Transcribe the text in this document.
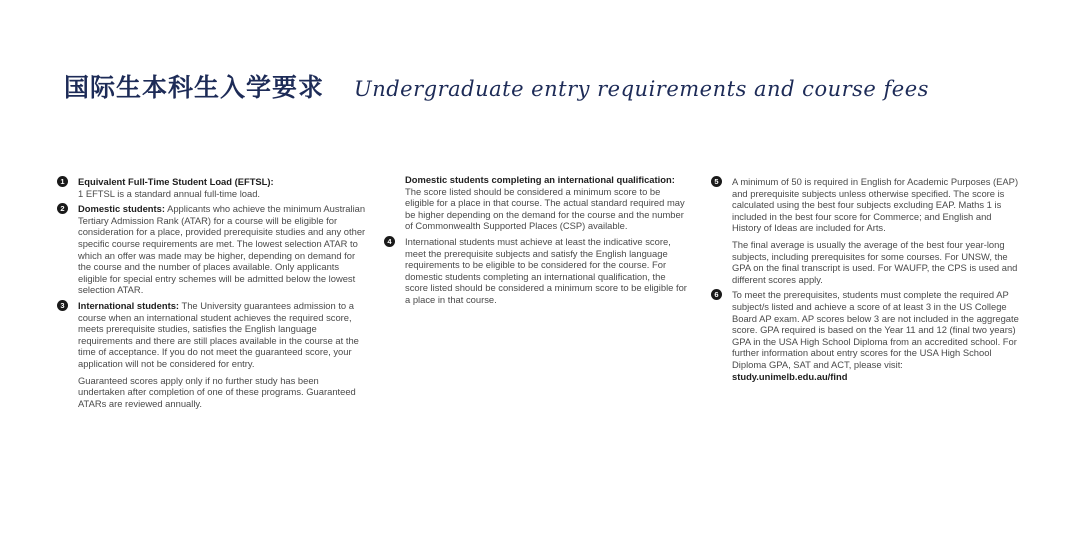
国际生本科生入学要求 Undergraduate entry requirements and course fees
1	Equivalent Full-Time Student Load (EFTSL):
1 EFTSL is a standard annual full-time load.
2	Domestic students: Applicants who achieve the minimum Australian Tertiary Admission Rank (ATAR) for a course will be eligible for consideration for a place, provided prerequisite studies and any other specific course requirements are met. The lowest selection ATAR to which an offer was made may be higher, depending on demand for the course and the number of places available. Only applicants eligible for special entry schemes will be admitted below the lowest selection ATAR.
3	International students: The University guarantees admission to a course when an international student achieves the required score, meets prerequisite studies, satisfies the English language requirements and there are still places available in the course at the time of acceptance. If you do not meet the guaranteed score, your application will not be considered for entry.
Guaranteed scores apply only if no further study has been undertaken after completion of one of these programs. Guaranteed ATARs are reviewed annually.
Domestic students completing an international qualification:
The score listed should be considered a minimum score to be eligible for a place in that course. The actual standard required may be higher depending on the demand for the course and the number of Commonwealth Supported Places (CSP) available.
4	International students must achieve at least the indicative score, meet the prerequisite subjects and satisfy the English language requirements to be eligible to be considered for the course. For domestic students completing an international qualification, the score listed should be considered a minimum score to be eligible for a place in that course.
5	A minimum of 50 is required in English for Academic Purposes (EAP) and prerequisite subjects unless otherwise specified. The score is calculated using the best four subjects excluding EAP. Maths 1 is included in the best four score for Commerce; and English and History of Ideas are included for Arts.
The final average is usually the average of the best four year-long subjects, including prerequisites for some courses. For UNSW, the GPA on the final transcript is used. For WAUFP, the CPS is used and different scores apply.
6	To meet the prerequisites, students must complete the required AP subject/s listed and achieve a score of at least 3 in the US College Board AP exam. AP scores below 3 are not included in the aggregate score. GPA required is based on the Year 11 and 12 (final two years) GPA in the USA High School Diploma from an accredited school. For further information about entry scores for the USA High School Diploma GPA, SAT and ACT, please visit:
study.unimelb.edu.au/find
